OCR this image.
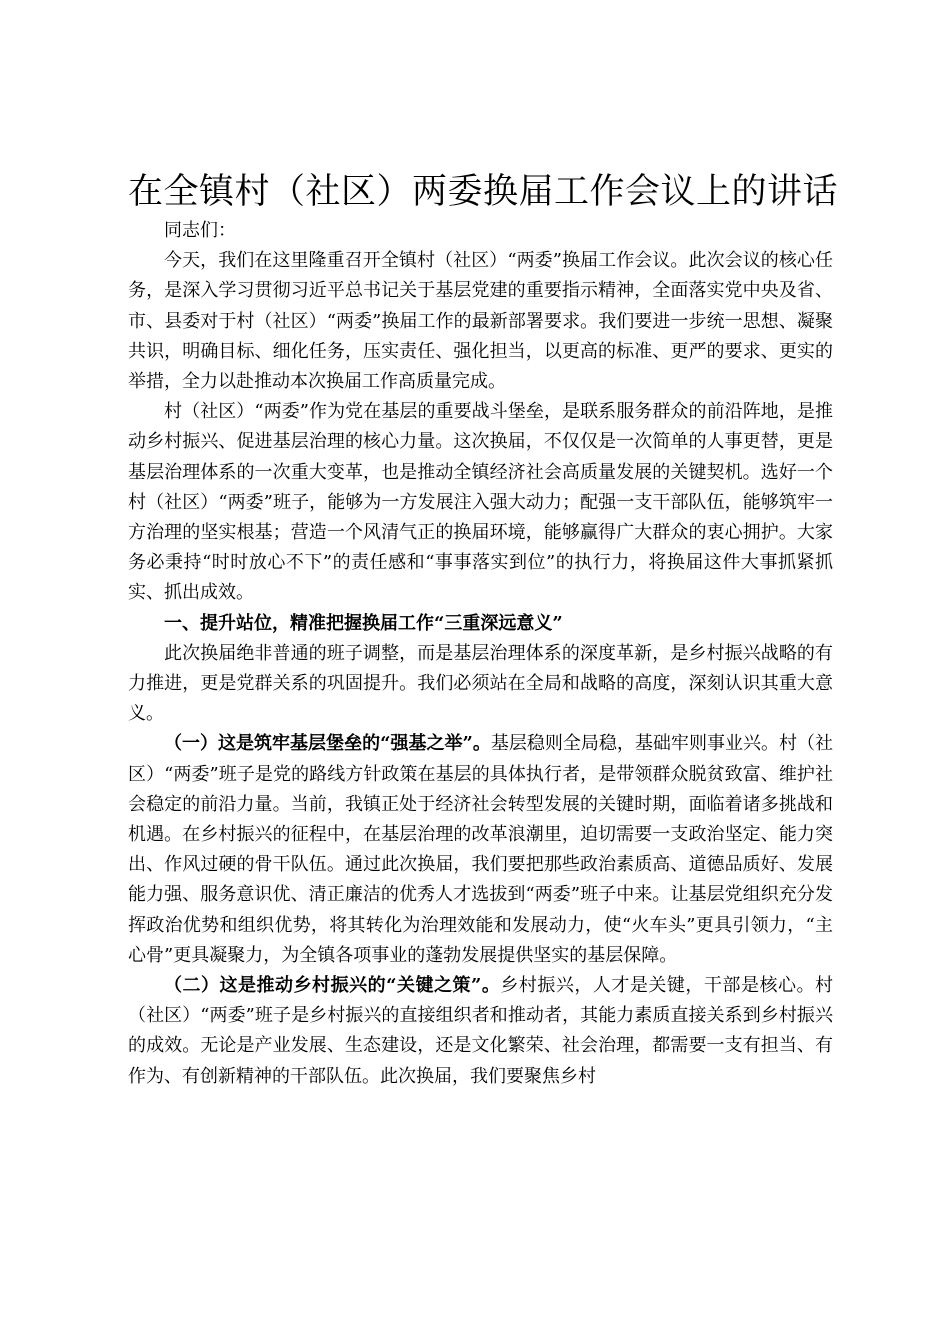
在全镇村（社区）两委换届工作会议上的讲话

同志们：

今天，我们在这里隆重召开全镇村（社区）“两委”换届工作会议。此次会议的核心任务，是深入学习贯彻习近平总书记关于基层党建的重要指示精神，全面落实党中央及省、市、县委对于村（社区）“两委”换届工作的最新部署要求。我们要进一步统一思想、凝聚共识，明确目标、细化任务，压实责任、强化担当，以更高的标准、更严的要求、更实的举措，全力以赴推动本次换届工作高质量完成。

村（社区）“两委”作为党在基层的重要战斗堡垒，是联系服务群众的前沿阵地，是推动乡村振兴、促进基层治理的核心力量。这次换届，不仅仅是一次简单的人事更替，更是基层治理体系的一次重大变革，也是推动全镇经济社会高质量发展的关键契机。选好一个村（社区）“两委”班子，能够为一方发展注入强大动力；配强一支干部队伍，能够筑牢一方治理的坚实根基；营造一个风清气正的换届环境，能够赢得广大群众的衷心拥护。大家务必秉持“时时放心不下”的责任感和“事事落实到位”的执行力，将换届这件大事抓紧抓实、抓出成效。

一、提升站位，精准把握换届工作“三重深远意义”

此次换届绝非普通的班子调整，而是基层治理体系的深度革新，是乡村振兴战略的有力推进，更是党群关系的巩固提升。我们必须站在全局和战略的高度，深刻认识其重大意义。

（一）这是筑牢基层堡垒的“强基之举”。基层稳则全局稳，基础牢则事业兴。村（社区）“两委”班子是党的路线方针政策在基层的具体执行者，是带领群众脱贫致富、维护社会稳定的前沿力量。当前，我镇正处于经济社会转型发展的关键时期，面临着诸多挑战和机遇。在乡村振兴的征程中，在基层治理的改革浪潮里，迫切需要一支政治坚定、能力突出、作风过硬的骨干队伍。通过此次换届，我们要把那些政治素质高、道德品质好、发展能力强、服务意识优、清正廉洁的优秀人才选拔到“两委”班子中来。让基层党组织充分发挥政治优势和组织优势，将其转化为治理效能和发展动力，使“火车头”更具引领力，“主心骨”更具凝聚力，为全镇各项事业的蓬勃发展提供坚实的基层保障。

（二）这是推动乡村振兴的“关键之策”。乡村振兴，人才是关键，干部是核心。村（社区）“两委”班子是乡村振兴的直接组织者和推动者，其能力素质直接关系到乡村振兴的成效。无论是产业发展、生态建设，还是文化繁荣、社会治理，都需要一支有担当、有作为、有创新精神的干部队伍。此次换届，我们要聚焦乡村
